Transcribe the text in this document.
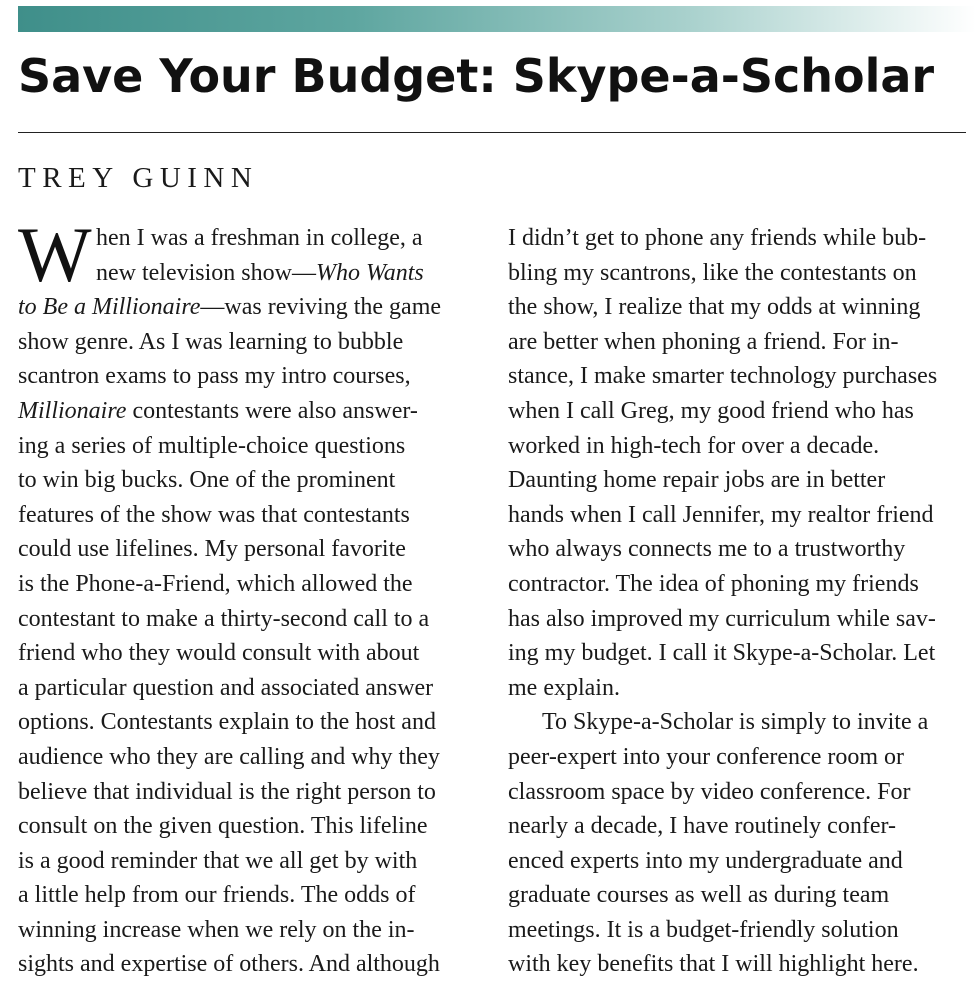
Save Your Budget: Skype-a-Scholar
TREY GUINN
W hen I was a freshman in college, a
new television show—Who Wants
to Be a Millionaire—was reviving the game
show genre. As I was learning to bubble
scantron exams to pass my intro courses,
Millionaire contestants were also answer-
ing a series of multiple-choice questions
to win big bucks. One of the prominent
features of the show was that contestants
could use lifelines. My personal favorite
is the Phone-a-Friend, which allowed the
contestant to make a thirty-second call to a
friend who they would consult with about
a particular question and associated answer
options. Contestants explain to the host and
audience who they are calling and why they
believe that individual is the right person to
consult on the given question. This lifeline
is a good reminder that we all get by with
a little help from our friends. The odds of
winning increase when we rely on the in-
sights and expertise of others. And although
I didn’t get to phone any friends while bub-
bling my scantrons, like the contestants on
the show, I realize that my odds at winning
are better when phoning a friend. For in-
stance, I make smarter technology purchases
when I call Greg, my good friend who has
worked in high-tech for over a decade.
Daunting home repair jobs are in better
hands when I call Jennifer, my realtor friend
who always connects me to a trustworthy
contractor. The idea of phoning my friends
has also improved my curriculum while sav-
ing my budget. I call it Skype-a-Scholar. Let
me explain.
To Skype-a-Scholar is simply to invite a
peer-expert into your conference room or
classroom space by video conference. For
nearly a decade, I have routinely confer-
enced experts into my undergraduate and
graduate courses as well as during team
meetings. It is a budget-friendly solution
with key benefits that I will highlight here.
